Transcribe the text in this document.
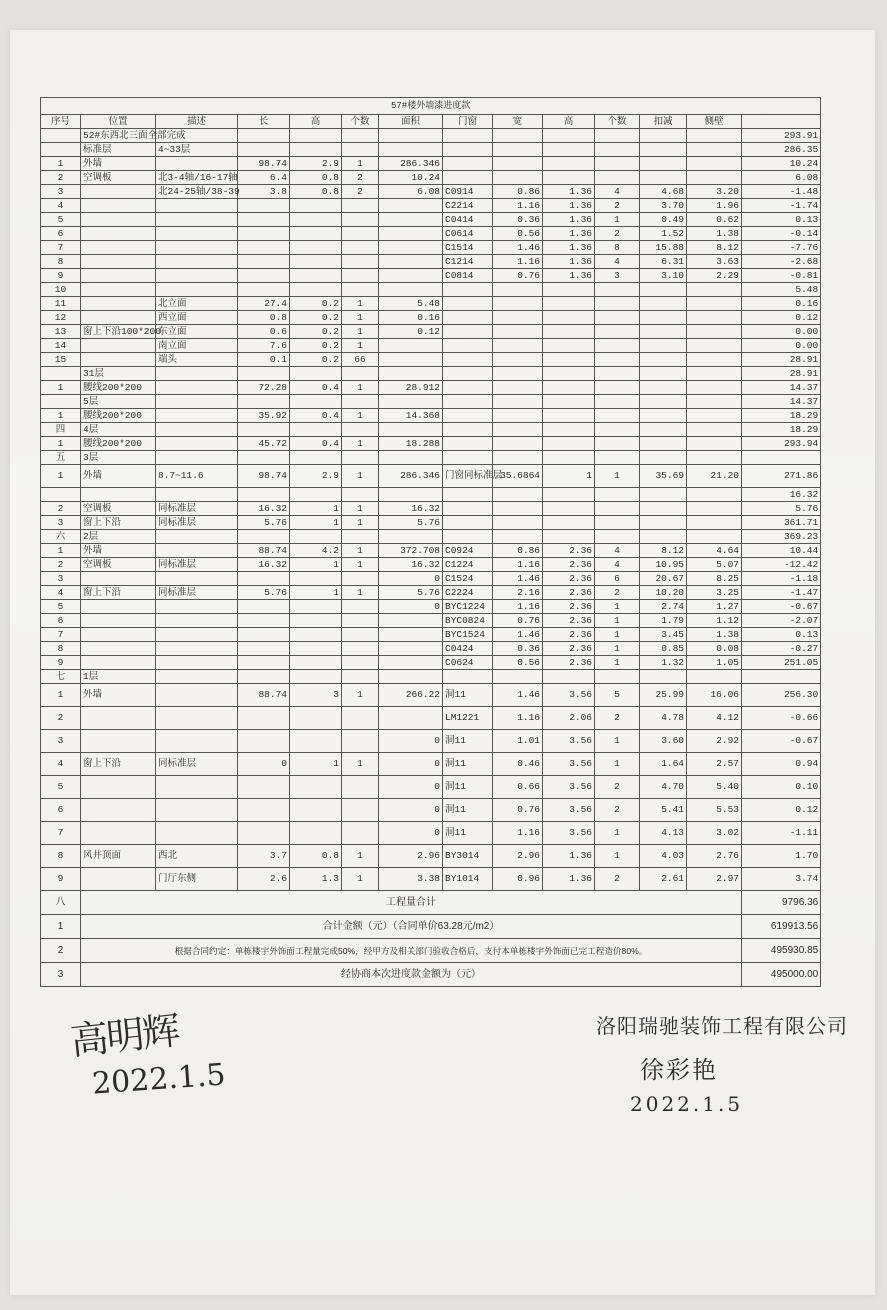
57#楼外墙漆进度款													
序号	位置	描述	长	高	个数	面积	门窗	宽	高	个数	扣减	侧壁	
	52#东西北三面全部完成												293.91
	标准层	4~33层											286.35
1	外墙		98.74	2.9	1	286.346							10.24
2	空调板	北3-4轴/16-17轴	6.4	0.8	2	10.24							6.08
3		北24-25轴/38-39	3.8	0.8	2	6.08	C0914	0.86	1.36	4	4.68	3.20	-1.48
4							C2214	1.16	1.36	2	3.70	1.96	-1.74
5							C0414	0.36	1.36	1	0.49	0.62	0.13
6							C0614	0.56	1.36	2	1.52	1.38	-0.14
7							C1514	1.46	1.36	8	15.88	8.12	-7.76
8							C1214	1.16	1.36	4	6.31	3.63	-2.68
9							C0814	0.76	1.36	3	3.10	2.29	-0.81
10													5.48
11		北立面	27.4	0.2	1	5.48							0.16
12		西立面	0.8	0.2	1	0.16							0.12
13	窗上下沿100*200	东立面	0.6	0.2	1	0.12							0.00
14		南立面	7.6	0.2	1								0.00
15		端头	0.1	0.2	66								28.91
	31层												28.91
1	腰线200*200		72.28	0.4	1	28.912							14.37
	5层												14.37
1	腰线200*200		35.92	0.4	1	14.368							18.29
四	4层												18.29
1	腰线200*200		45.72	0.4	1	18.288							293.94
五	3层												
1	外墙	8.7~11.6	98.74	2.9	1	286.346	门窗同标准层	35.6864	1	1	35.69	21.20	271.86
													16.32
2	空调板	同标准层	16.32	1	1	16.32							5.76
3	窗上下沿	同标准层	5.76	1	1	5.76							361.71
六	2层												369.23
1	外墙		88.74	4.2	1	372.708	C0924	0.86	2.36	4	8.12	4.64	10.44
2	空调板	同标准层	16.32	1	1	16.32	C1224	1.16	2.36	4	10.95	5.07	-12.42
3						0	C1524	1.46	2.36	6	20.67	8.25	-1.18
4	窗上下沿	同标准层	5.76	1	1	5.76	C2224	2.16	2.36	2	10.20	3.25	-1.47
5						0	BYC1224	1.16	2.36	1	2.74	1.27	-0.67
6							BYC0824	0.76	2.36	1	1.79	1.12	-2.07
7							BYC1524	1.46	2.36	1	3.45	1.38	0.13
8							C0424	0.36	2.36	1	0.85	0.08	-0.27
9							C0624	0.56	2.36	1	1.32	1.05	251.05
七	1层												
1	外墙		88.74	3	1	266.22	洞11	1.46	3.56	5	25.99	16.06	256.30
2							LM1221	1.16	2.06	2	4.78	4.12	-0.66
3						0	洞11	1.01	3.56	1	3.60	2.92	-0.67
4	窗上下沿	同标准层	0	1	1	0	洞11	0.46	3.56	1	1.64	2.57	0.94
5						0	洞11	0.66	3.56	2	4.70	5.40	0.10
6						0	洞11	0.76	3.56	2	5.41	5.53	0.12
7						0	洞11	1.16	3.56	1	4.13	3.02	-1.11
8	风井顶面	西北	3.7	0.8	1	2.96	BY3014	2.96	1.36	1	4.03	2.76	1.70
9		门厅东侧	2.6	1.3	1	3.38	BY1014	0.96	1.36	2	2.61	2.97	3.74
八	工程量合计												9796.36
1	合计金额（元）（合同单价63.28元/m2）												619913.56
2	根据合同约定：单栋楼宇外饰面工程量完成50%，经甲方及相关部门验收合格后，支付本单栋楼宇外饰面已完工程造价80%。												495930.85
3	经协商本次进度款金额为（元）												495000.00
高明辉
2022.1.5
洛阳瑞驰装饰工程有限公司
徐彩艳
2022.1.5
